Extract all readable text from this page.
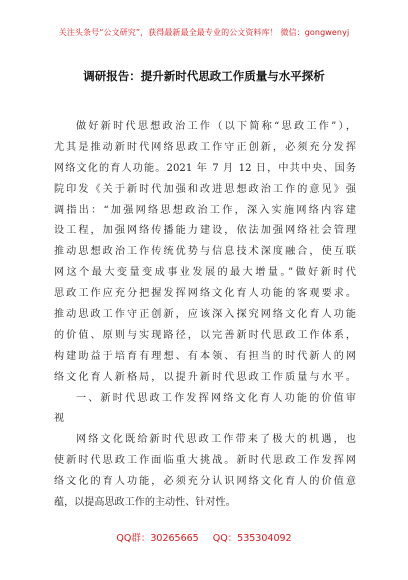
关注头条号“公文研究”，获得最新最全最专业的公文资料库！ 微信：gongwenyj
调研报告：提升新时代思政工作质量与水平探析
做好新时代思想政治工作（以下简称“思政工作”），
尤其是推动新时代网络思政工作守正创新，必须充分发挥
网络文化的育人功能。2021 年 7 月 12 日，中共中央、国务
院印发《关于新时代加强和改进思想政治工作的意见》强
调指出：“加强网络思想政治工作，深入实施网络内容建
设工程，加强网络传播能力建设，依法加强网络社会管理
推动思想政治工作传统优势与信息技术深度融合，使互联
网这个最大变量变成事业发展的最大增量。”做好新时代
思政工作应充分把握发挥网络文化育人功能的客观要求。
推动思政工作守正创新，应该深入探究网络文化育人功能
的价值、原则与实现路径，以完善新时代思政工作体系，
构建助益于培育有理想、有本领、有担当的时代新人的网
络文化育人新格局，以提升新时代思政工作质量与水平。
一、新时代思政工作发挥网络文化育人功能的价值审
视
网络文化既给新时代思政工作带来了极大的机遇，也
使新时代思政工作面临重大挑战。新时代思政工作发挥网
络文化的育人功能，必须充分认识网络文化育人的价值意
蕴，以提高思政工作的主动性、针对性。
QQ群：30265665 QQ：535304092
